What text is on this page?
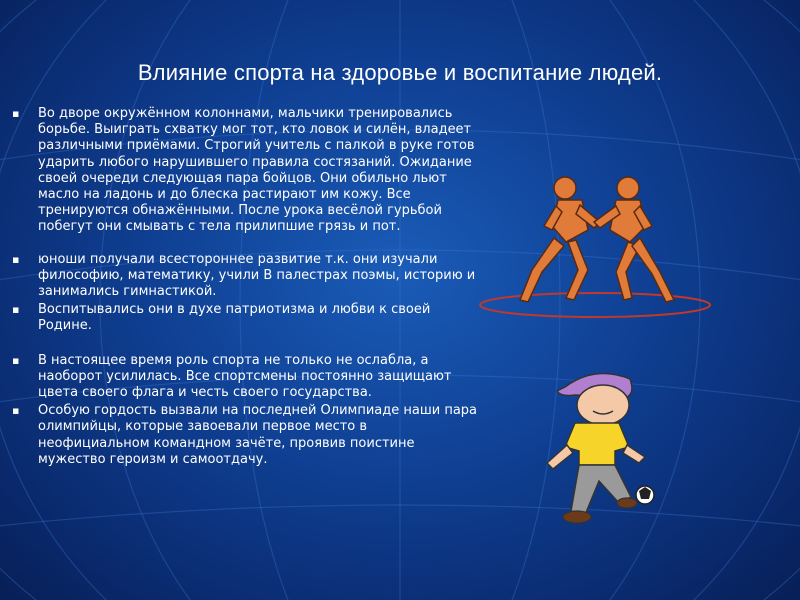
Влияние спорта на здоровье и воспитание людей.
▪ Во дворе окружённом колоннами, мальчики тренировались борьбе. Выиграть схватку мог тот, кто ловок и силён, владеет различными приёмами. Строгий учитель с палкой в руке готов ударить любого нарушившего правила состязаний. Ожидание своей очереди следующая пара бойцов. Они обильно льют масло на ладонь и до блеска растирают им кожу. Все тренируются обнажёнными. После урока весёлой гурьбой побегут они смывать с тела прилипшие грязь и пот.
▪ юноши получали всестороннее развитие т.к. они изучали философию, математику, учили В палестрах поэмы, историю и занимались гимнастикой.
▪ Воспитывались они в духе патриотизма и любви к своей Родине.
▪ В настоящее время роль спорта не только не ослабла, а наоборот усилилась. Все спортсмены постоянно защищают цвета своего флага и честь своего государства.
▪ Особую гордость вызвали на последней Олимпиаде наши пара олимпийцы, которые завоевали первое место в неофициальном командном зачёте, проявив поистине мужество героизм и самоотдачу.
